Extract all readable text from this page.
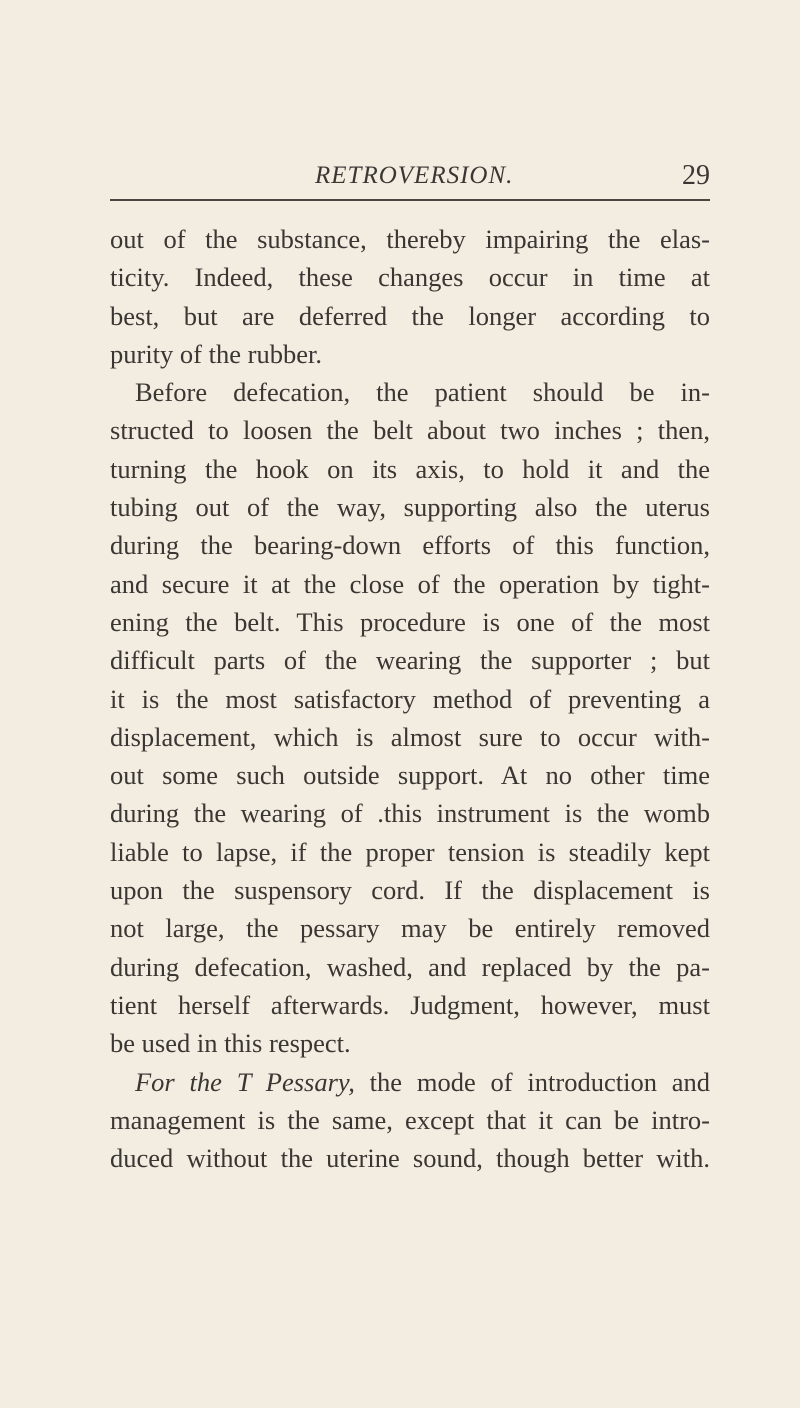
RETROVERSION.	29
out of the substance, thereby impairing the elas-
ticity. Indeed, these changes occur in time at
best, but are deferred the longer according to
purity of the rubber.
Before defecation, the patient should be in-
structed to loosen the belt about two inches ; then,
turning the hook on its axis, to hold it and the
tubing out of the way, supporting also the uterus
during the bearing-down efforts of this function,
and secure it at the close of the operation by tight-
ening the belt. This procedure is one of the most
difficult parts of the wearing the supporter ; but
it is the most satisfactory method of preventing a
displacement, which is almost sure to occur with-
out some such outside support. At no other time
during the wearing of .this instrument is the womb
liable to lapse, if the proper tension is steadily kept
upon the suspensory cord. If the displacement is
not large, the pessary may be entirely removed
during defecation, washed, and replaced by the pa-
tient herself afterwards. Judgment, however, must
be used in this respect.
For the T Pessary, the mode of introduction and
management is the same, except that it can be intro-
duced without the uterine sound, though better with.
